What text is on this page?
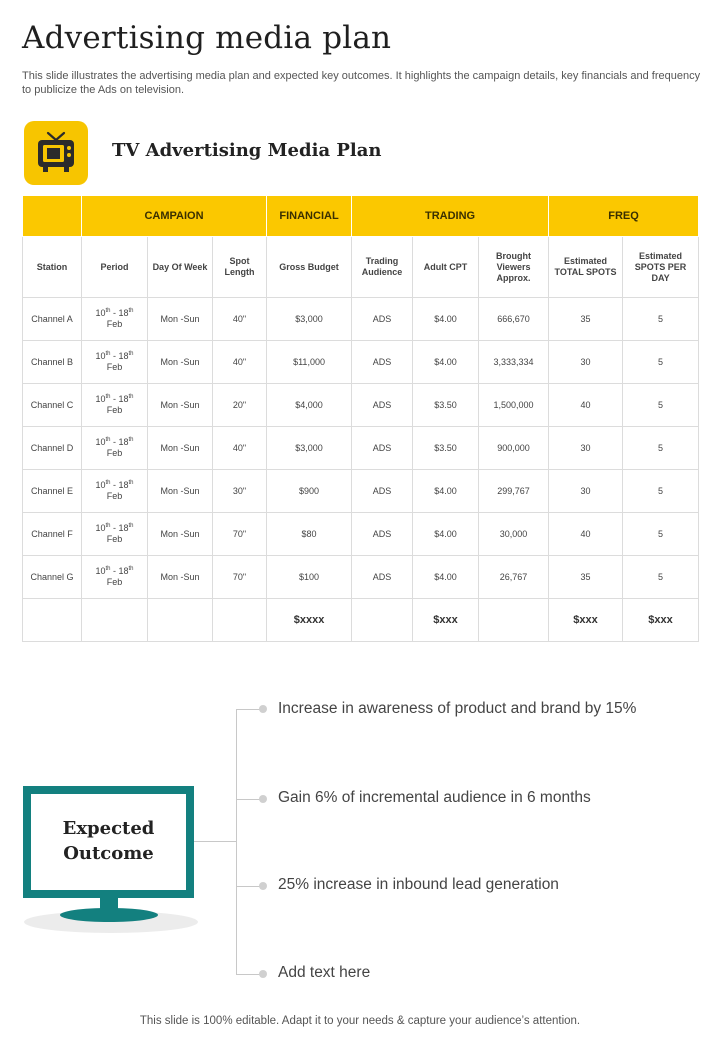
Advertising media plan

This slide illustrates the advertising media plan and expected key outcomes. It highlights the campaign details, key financials and frequency to publicize the Ads on television.

TV Advertising Media Plan
	CAMPAION			FINANCIAL	TRADING			FREQ	
Station	Period	Day Of Week	Spot Length	Gross Budget	Trading Audience	Adult CPT	Brought Viewers Approx.	Estimated TOTAL SPOTS	Estimated SPOTS PER DAY
Channel A	10th - 18th
Feb	Mon -Sun	40"	$3,000	ADS	$4.00	666,670	35	5
Channel B	10th - 18th
Feb	Mon -Sun	40"	$11,000	ADS	$4.00	3,333,334	30	5
Channel C	10th - 18th
Feb	Mon -Sun	20"	$4,000	ADS	$3.50	1,500,000	40	5
Channel D	10th - 18th
Feb	Mon -Sun	40"	$3,000	ADS	$3.50	900,000	30	5
Channel E	10th - 18th
Feb	Mon -Sun	30"	$900	ADS	$4.00	299,767	30	5
Channel F	10th - 18th
Feb	Mon -Sun	70"	$80	ADS	$4.00	30,000	40	5
Channel G	10th - 18th
Feb	Mon -Sun	70"	$100	ADS	$4.00	26,767	35	5
				$xxxx		$xxx		$xxx	$xxx
Increase in awareness of product and brand by 15%
Gain 6% of incremental audience in 6 months
25% increase in inbound lead generation
Add text here

Expected Outcome

This slide is 100% editable. Adapt it to your needs & capture your audience’s attention.
